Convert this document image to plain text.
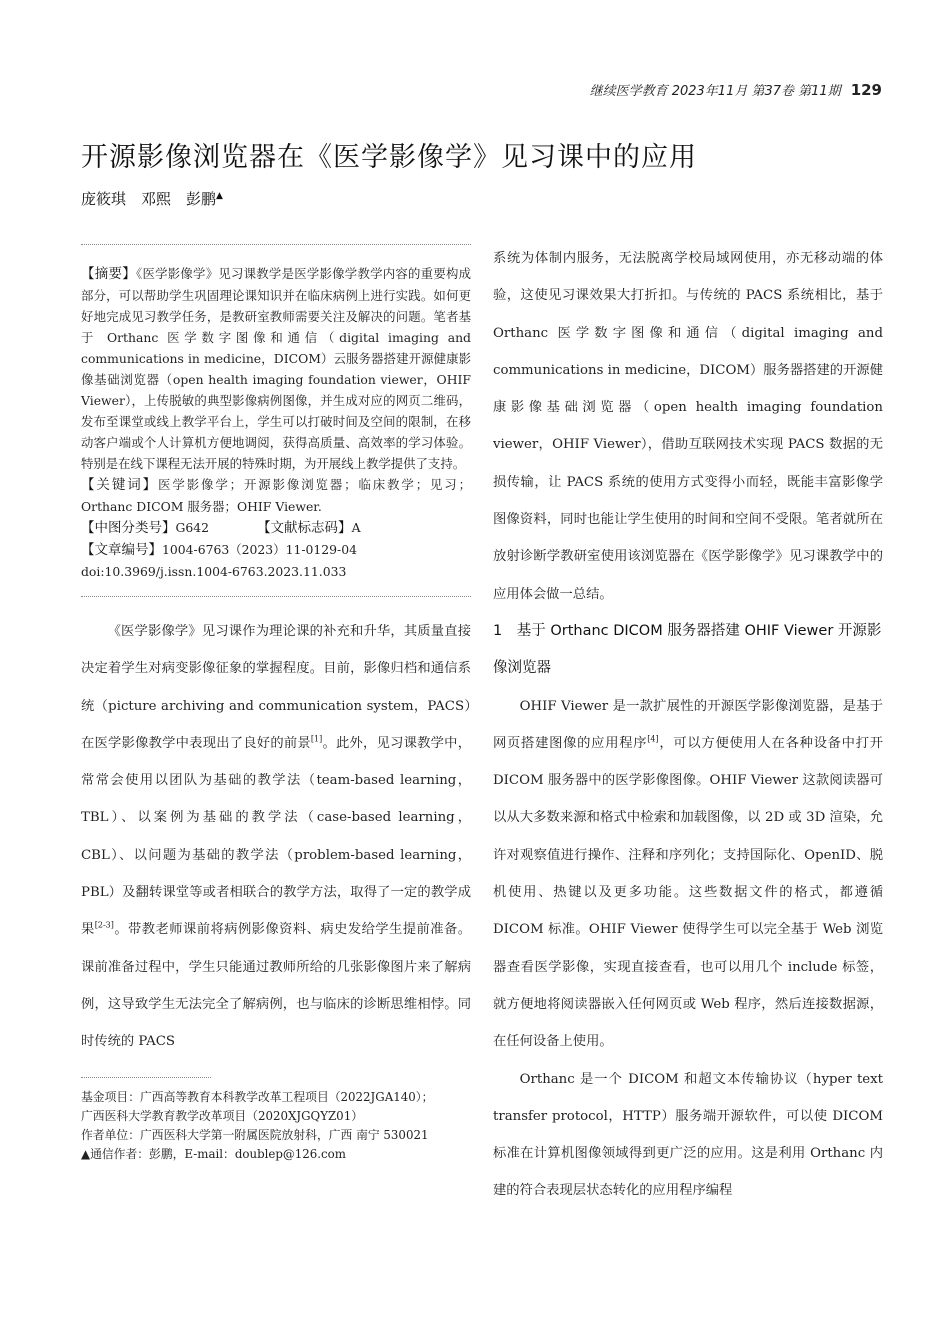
继续医学教育 2023年11月 第37卷 第11期 129
开源影像浏览器在《医学影像学》见习课中的应用
庞筱琪　邓熙　彭鹏▲

【摘要】《医学影像学》见习课教学是医学影像学教学内容的重要构成部分，可以帮助学生巩固理论课知识并在临床病例上进行实践。如何更好地完成见习教学任务，是教研室教师需要关注及解决的问题。笔者基于 Orthanc 医学数字图像和通信（digital imaging and communications in medicine，DICOM）云服务器搭建开源健康影像基础浏览器（open health imaging foundation viewer，OHIF Viewer），上传脱敏的典型影像病例图像，并生成对应的网页二维码，发布至课堂或线上教学平台上，学生可以打破时间及空间的限制，在移动客户端或个人计算机方便地调阅，获得高质量、高效率的学习体验。特别是在线下课程无法开展的特殊时期，为开展线上教学提供了支持。

【关键词】医学影像学；开源影像浏览器；临床教学；见习；Orthanc DICOM 服务器；OHIF Viewer.

【中图分类号】G642	【文献标志码】A

【文章编号】1004-6763（2023）11-0129-04

doi:10.3969/j.issn.1004-6763.2023.11.033

《医学影像学》见习课作为理论课的补充和升华，其质量直接决定着学生对病变影像征象的掌握程度。目前，影像归档和通信系统（picture archiving and communication system，PACS）在医学影像教学中表现出了良好的前景[1]。此外，见习课教学中，常常会使用以团队为基础的教学法（team-based learning，TBL）、以案例为基础的教学法（case-based learning，CBL）、以问题为基础的教学法（problem-based learning，PBL）及翻转课堂等或者相联合的教学方法，取得了一定的教学成果[2-3]。带教老师课前将病例影像资料、病史发给学生提前准备。课前准备过程中，学生只能通过教师所给的几张影像图片来了解病例，这导致学生无法完全了解病例，也与临床的诊断思维相悖。同时传统的 PACS

基金项目：广西高等教育本科教学改革工程项目（2022JGA140）；

广西医科大学教育教学改革项目（2020XJGQYZ01）

作者单位：广西医科大学第一附属医院放射科，广西 南宁 530021

▲通信作者：彭鹏，E-mail：doublep@126.com

系统为体制内服务，无法脱离学校局域网使用，亦无移动端的体验，这使见习课效果大打折扣。与传统的 PACS 系统相比，基于 Orthanc 医学数字图像和通信（digital imaging and communications in medicine，DICOM）服务器搭建的开源健康影像基础浏览器（open health imaging foundation viewer，OHIF Viewer），借助互联网技术实现 PACS 数据的无损传输，让 PACS 系统的使用方式变得小而轻，既能丰富影像学图像资料，同时也能让学生使用的时间和空间不受限。笔者就所在放射诊断学教研室使用该浏览器在《医学影像学》见习课教学中的应用体会做一总结。

1　基于 Orthanc DICOM 服务器搭建 OHIF Viewer 开源影像浏览器

OHIF Viewer 是一款扩展性的开源医学影像浏览器，是基于网页搭建图像的应用程序[4]，可以方便使用人在各种设备中打开 DICOM 服务器中的医学影像图像。OHIF Viewer 这款阅读器可以从大多数来源和格式中检索和加载图像，以 2D 或 3D 渲染，允许对观察值进行操作、注释和序列化；支持国际化、OpenID、脱机使用、热键以及更多功能。这些数据文件的格式，都遵循 DICOM 标准。OHIF Viewer 使得学生可以完全基于 Web 浏览器查看医学影像，实现直接查看，也可以用几个 include 标签，就方便地将阅读器嵌入任何网页或 Web 程序，然后连接数据源，在任何设备上使用。

Orthanc 是一个 DICOM 和超文本传输协议（hyper text transfer protocol，HTTP）服务端开源软件，可以使 DICOM 标准在计算机图像领域得到更广泛的应用。这是利用 Orthanc 内建的符合表现层状态转化的应用程序编程
